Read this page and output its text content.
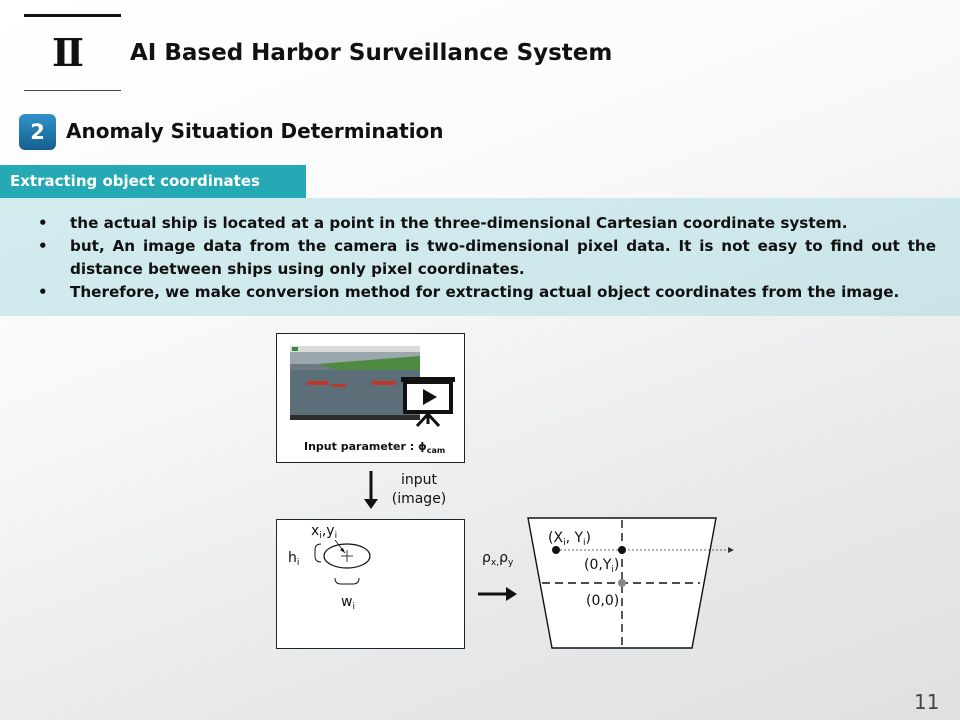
Ⅱ AI Based Harbor Surveillance System
2	Anomaly Situation Determination
Extracting object coordinates
• the actual ship is located at a point in the three-dimensional Cartesian coordinate system.
• but, An image data from the camera is two-dimensional pixel data. It is not easy to find out the distance between ships using only pixel coordinates.
• Therefore, we make conversion method for extracting actual object coordinates from the image.
Input parameter : $\phi_{cam}$
input
(image)
$x_i,y_i$
$h_i$
$w_i$
$\rho_{x,}\rho_y$
($X_i$, $Y_i$)
$(0,Y_i)$
(0,0)
11
